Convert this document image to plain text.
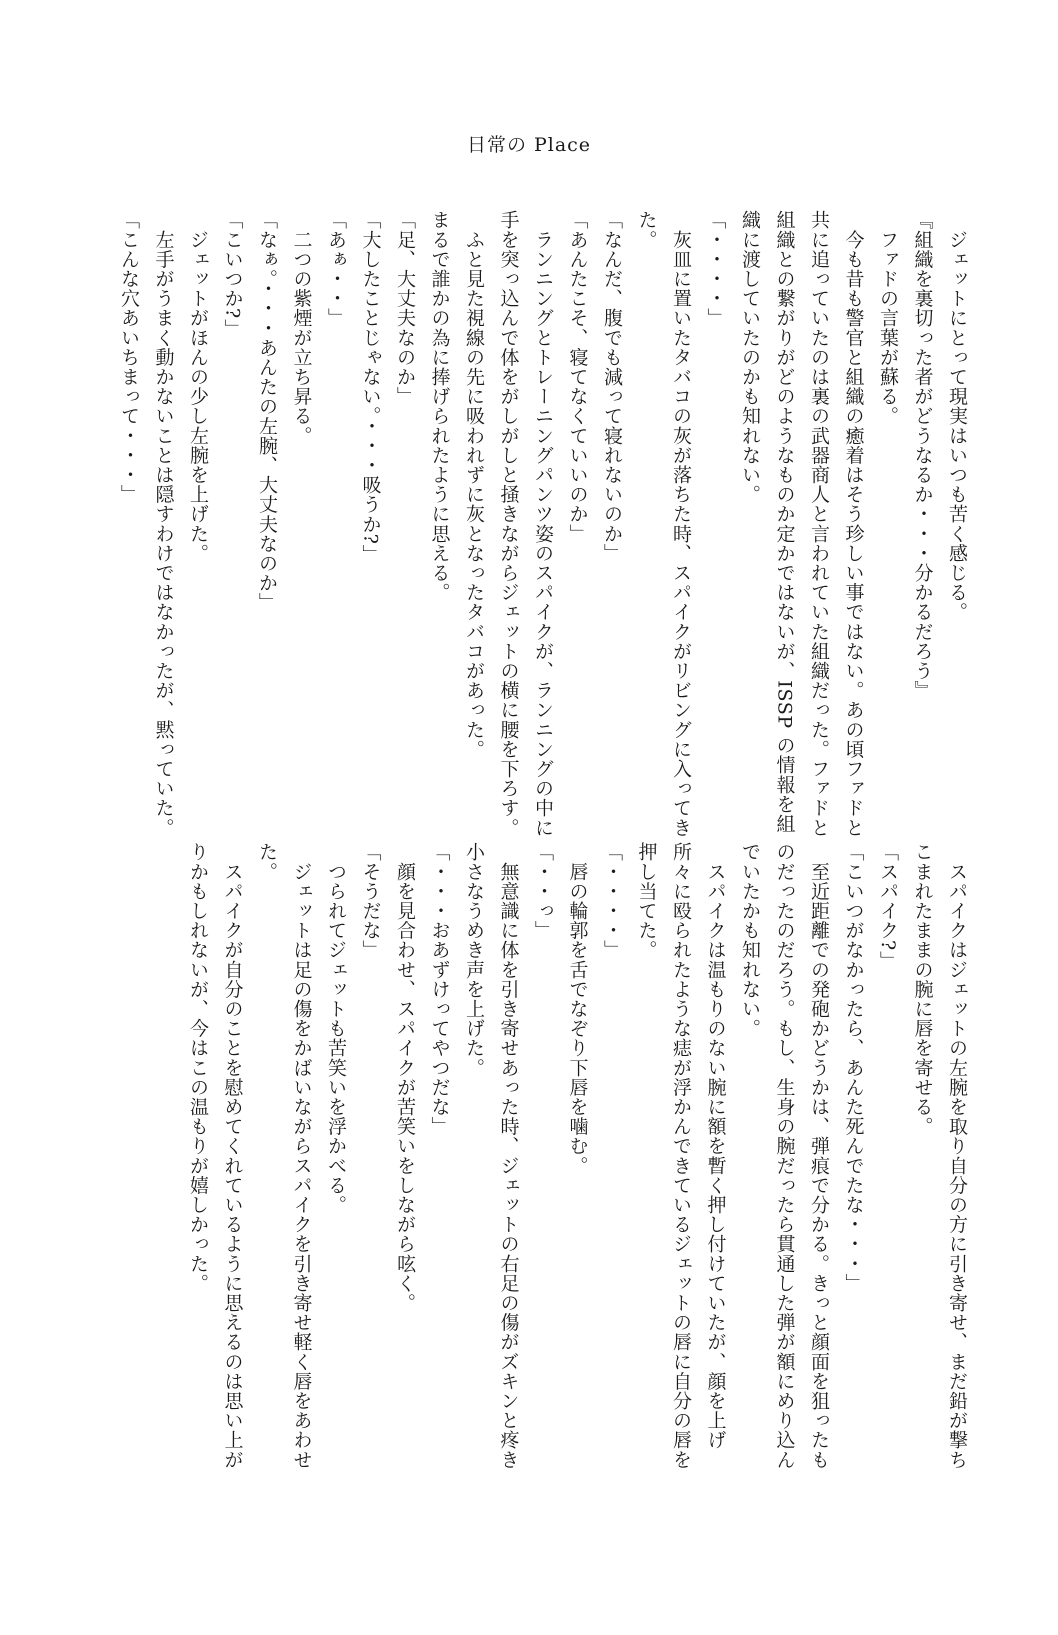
日常の Place
　ジェットにとって現実はいつも苦く感じる。
『組織を裏切った者がどうなるか・・・分かるだろう』
　ファドの言葉が蘇る。
　今も昔も警官と組織の癒着はそう珍しい事ではない。あの頃ファドと
共に追っていたのは裏の武器商人と言われていた組織だった。ファドと
組織との繋がりがどのようなものか定かではないが、ISSP の情報を組
織に渡していたのかも知れない。
「・・・・」
　灰皿に置いたタバコの灰が落ちた時、スパイクがリビングに入ってき
た。
「なんだ、腹でも減って寝れないのか」
「あんたこそ、寝てなくていいのか」
　ランニングとトレーニングパンツ姿のスパイクが、ランニングの中に
手を突っ込んで体をがしがしと掻きながらジェットの横に腰を下ろす。
　ふと見た視線の先に吸われずに灰となったタバコがあった。
まるで誰かの為に捧げられたように思える。
「足、大丈夫なのか」
「大したことじゃない。・・・吸うか?」
「あぁ・・」
　二つの紫煙が立ち昇る。
「なぁ。・・・あんたの左腕、大丈夫なのか」
「こいつか?」
　ジェットがほんの少し左腕を上げた。
　左手がうまく動かないことは隠すわけではなかったが、黙っていた。
「こんな穴あいちまって・・・」
　スパイクはジェットの左腕を取り自分の方に引き寄せ、まだ鉛が撃ち
こまれたままの腕に唇を寄せる。
「スパイク?」
「こいつがなかったら、あんた死んでたな・・・」
　至近距離での発砲かどうかは、弾痕で分かる。きっと顔面を狙ったも
のだったのだろう。もし、生身の腕だったら貫通した弾が額にめり込ん
でいたかも知れない。
　スパイクは温もりのない腕に額を暫く押し付けていたが、顔を上げ
所々に殴られたような痣が浮かんできているジェットの唇に自分の唇を
押し当てた。
「・・・・」
　唇の輪郭を舌でなぞり下唇を噛む。
「・・っ」
　無意識に体を引き寄せあった時、ジェットの右足の傷がズキンと疼き
小さなうめき声を上げた。
「・・・おあずけってやつだな」
　顔を見合わせ、スパイクが苦笑いをしながら呟く。
「そうだな」
　つられてジェットも苦笑いを浮かべる。
　ジェットは足の傷をかばいながらスパイクを引き寄せ軽く唇をあわせ
た。
　スパイクが自分のことを慰めてくれているように思えるのは思い上が
りかもしれないが、今はこの温もりが嬉しかった。
